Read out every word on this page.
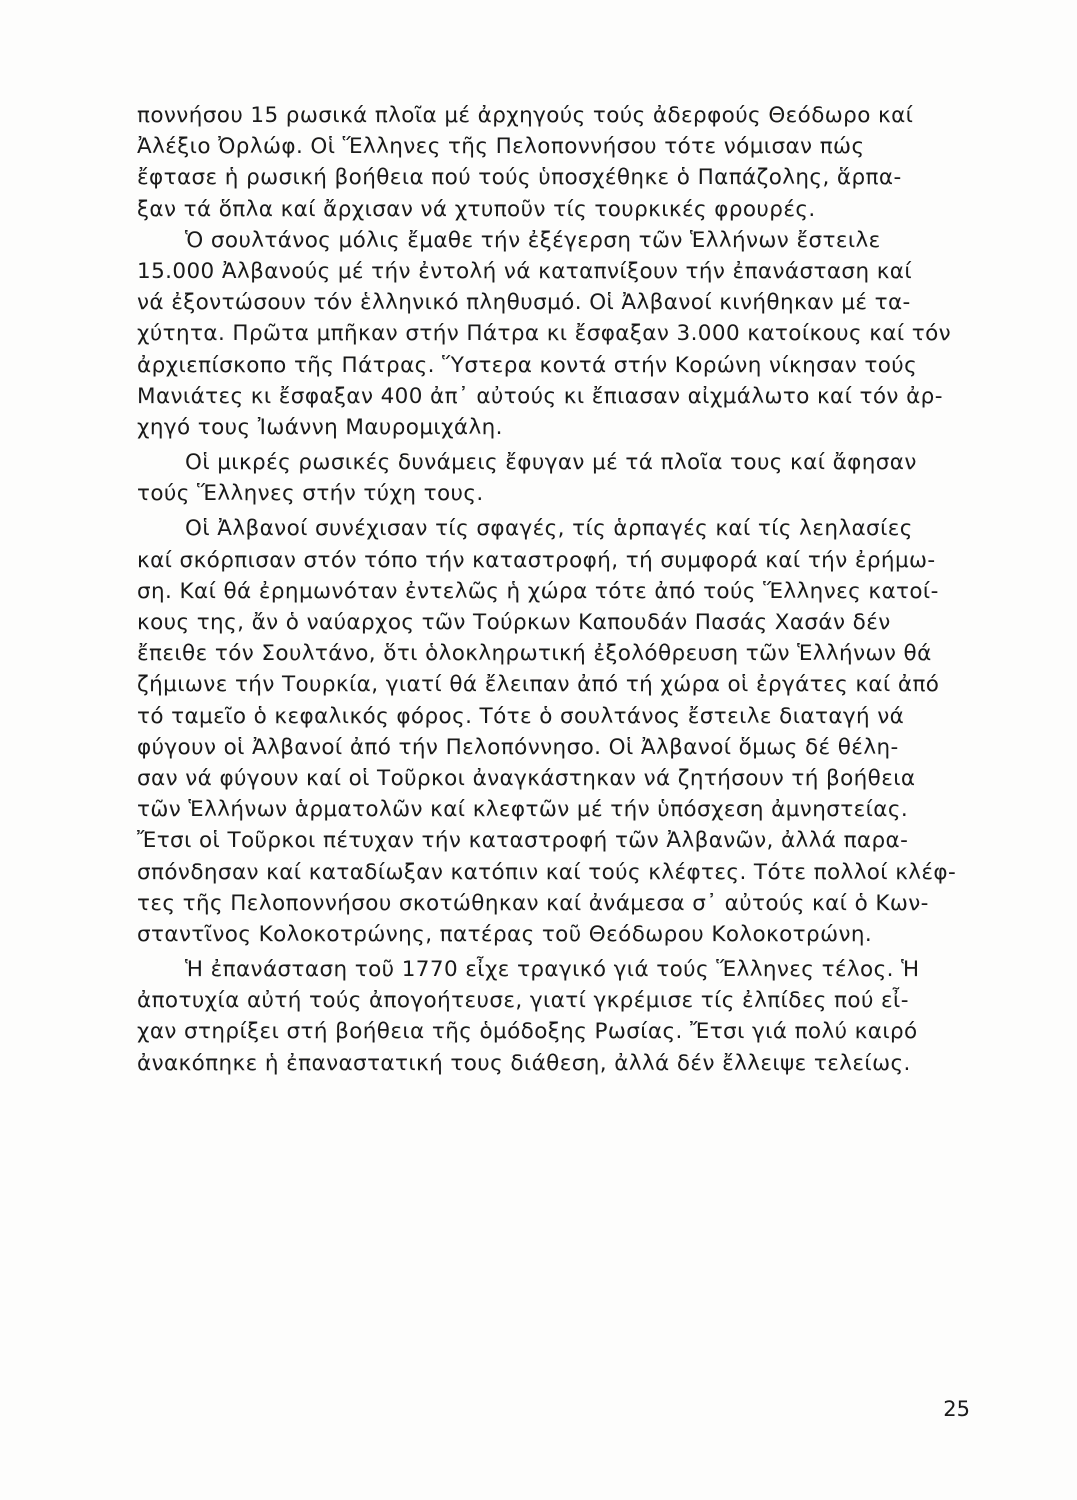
ποννήσου 15 ρωσικά πλοῖα μέ ἀρχηγούς τούς ἀδερφούς Θεόδωρο καί
Ἀλέξιο Ὀρλώφ. Οἱ Ἕλληνες τῆς Πελοποννήσου τότε νόμισαν πώς
ἔφτασε ἡ ρωσική βοήθεια πού τούς ὑποσχέθηκε ὁ Παπάζολης, ἅρπα-
ξαν τά ὅπλα καί ἄρχισαν νά χτυποῦν τίς τουρκικές φρουρές.
Ὁ σουλτάνος μόλις ἔμαθε τήν ἐξέγερση τῶν Ἑλλήνων ἔστειλε
15.000 Ἀλβανούς μέ τήν ἐντολή νά καταπνίξουν τήν ἐπανάσταση καί
νά ἐξοντώσουν τόν ἑλληνικό πληθυσμό. Οἱ Ἀλβανοί κινήθηκαν μέ τα-
χύτητα. Πρῶτα μπῆκαν στήν Πάτρα κι ἔσφαξαν 3.000 κατοίκους καί τόν
ἀρχιεπίσκοπο τῆς Πάτρας. Ὕστερα κοντά στήν Κορώνη νίκησαν τούς
Μανιάτες κι ἔσφαξαν 400 ἀπ᾽ αὐτούς κι ἔπιασαν αἰχμάλωτο καί τόν ἀρ-
χηγό τους Ἰωάννη Μαυρομιχάλη.
Οἱ μικρές ρωσικές δυνάμεις ἔφυγαν μέ τά πλοῖα τους καί ἄφησαν
τούς Ἕλληνες στήν τύχη τους.
Οἱ Ἀλβανοί συνέχισαν τίς σφαγές, τίς ἁρπαγές καί τίς λεηλασίες
καί σκόρπισαν στόν τόπο τήν καταστροφή, τή συμφορά καί τήν ἐρήμω-
ση. Καί θά ἐρημωνόταν ἐντελῶς ἡ χώρα τότε ἀπό τούς Ἕλληνες κατοί-
κους της, ἄν ὁ ναύαρχος τῶν Τούρκων Καπουδάν Πασάς Χασάν δέν
ἔπειθε τόν Σουλτάνο, ὅτι ὁλοκληρωτική ἐξολόθρευση τῶν Ἑλλήνων θά
ζήμιωνε τήν Τουρκία, γιατί θά ἔλειπαν ἀπό τή χώρα οἱ ἐργάτες καί ἀπό
τό ταμεῖο ὁ κεφαλικός φόρος. Τότε ὁ σουλτάνος ἔστειλε διαταγή νά
φύγουν οἱ Ἀλβανοί ἀπό τήν Πελοπόννησο. Οἱ Ἀλβανοί ὅμως δέ θέλη-
σαν νά φύγουν καί οἱ Τοῦρκοι ἀναγκάστηκαν νά ζητήσουν τή βοήθεια
τῶν Ἑλλήνων ἁρματολῶν καί κλεφτῶν μέ τήν ὑπόσχεση ἀμνηστείας.
Ἔτσι οἱ Τοῦρκοι πέτυχαν τήν καταστροφή τῶν Ἀλβανῶν, ἀλλά παρα-
σπόνδησαν καί καταδίωξαν κατόπιν καί τούς κλέφτες. Τότε πολλοί κλέφ-
τες τῆς Πελοποννήσου σκοτώθηκαν καί ἀνάμεσα σ᾽ αὐτούς καί ὁ Κων-
σταντῖνος Κολοκοτρώνης, πατέρας τοῦ Θεόδωρου Κολοκοτρώνη.
Ἡ ἐπανάσταση τοῦ 1770 εἶχε τραγικό γιά τούς Ἕλληνες τέλος. Ἡ
ἀποτυχία αὐτή τούς ἀπογοήτευσε, γιατί γκρέμισε τίς ἐλπίδες πού εἶ-
χαν στηρίξει στή βοήθεια τῆς ὁμόδοξης Ρωσίας. Ἔτσι γιά πολύ καιρό
ἀνακόπηκε ἡ ἐπαναστατική τους διάθεση, ἀλλά δέν ἔλλειψε τελείως.
25
